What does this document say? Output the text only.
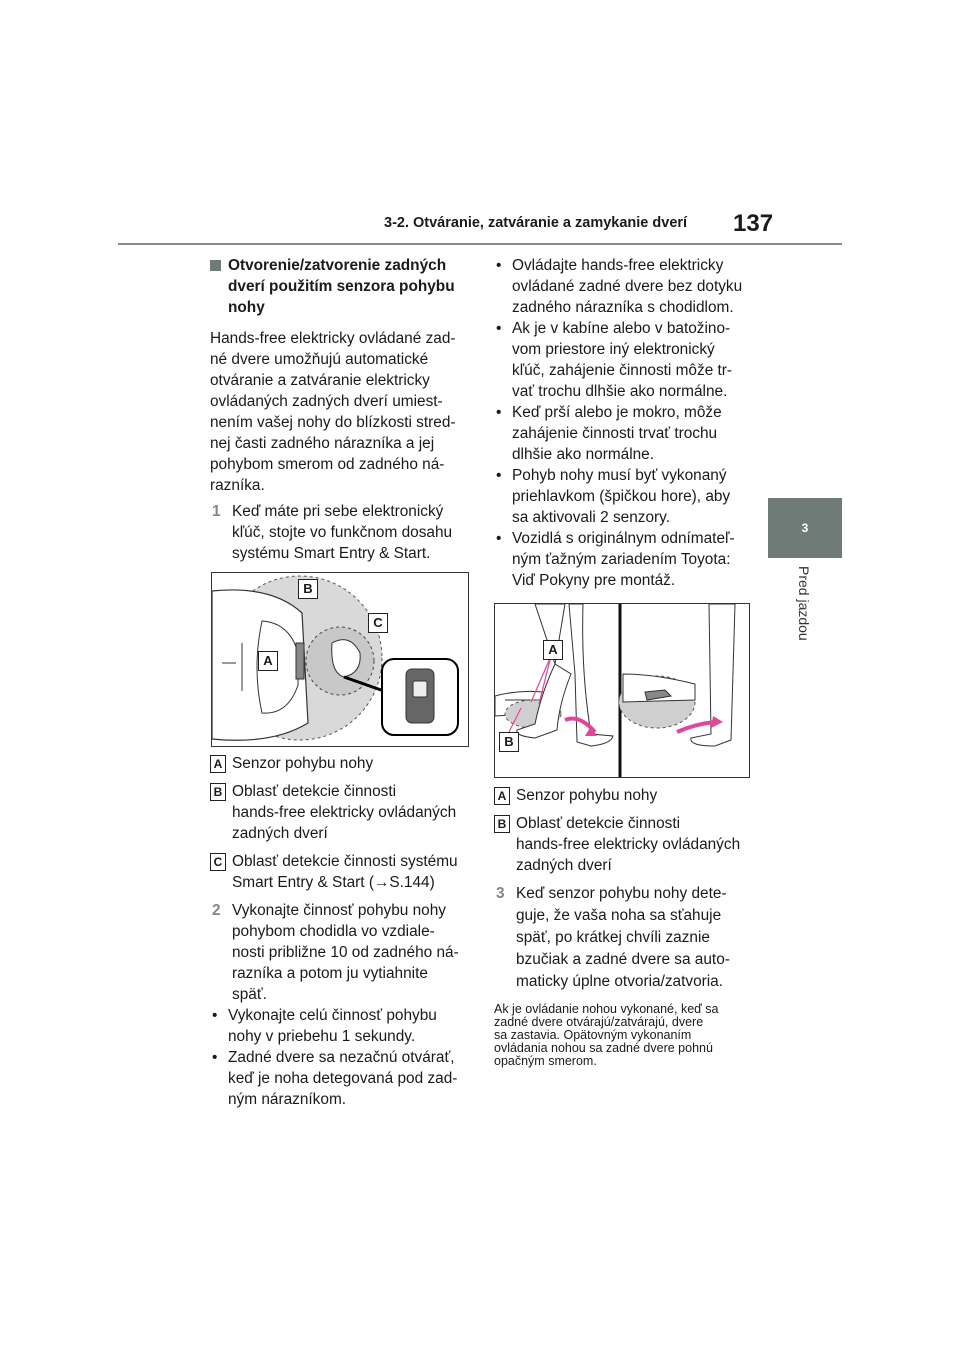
3-2. Otváranie, zatváranie a zamykanie dverí 137
3
Pred jazdou

Otvorenie/zatvorenie zadných

dverí použitím senzora pohybu

nohy

Hands-free elektricky ovládané zad-

né dvere umožňujú automatické

otváranie a zatváranie elektricky

ovládaných zadných dverí umiest-

nením vašej nohy do blízkosti stred-

nej časti zadného nárazníka a jej

pohybom smerom od zadného ná-

razníka.

1 Keď máte pri sebe elektronický

kľúč, stojte vo funkčnom dosahu

systému Smart Entry & Start.

B
C
A
A Senzor pohybu nohy

B Oblasť detekcie činnosti

hands-free elektricky ovládaných

zadných dverí

C Oblasť detekcie činnosti systému

Smart Entry & Start (→S.144)

2 Vykonajte činnosť pohybu nohy

pohybom chodidla vo vzdiale-

nosti približne 10 od zadného ná-

razníka a potom ju vytiahnite

späť.

• Vykonajte celú činnosť pohybu

nohy v priebehu 1 sekundy.

• Zadné dvere sa nezačnú otvárať,

keď je noha detegovaná pod zad-

ným nárazníkom.

• Ovládajte hands-free elektricky

ovládané zadné dvere bez dotyku

zadného nárazníka s chodidlom.

• Ak je v kabíne alebo v batožino-

vom priestore iný elektronický

kľúč, zahájenie činnosti môže tr-

vať trochu dlhšie ako normálne.

• Keď prší alebo je mokro, môže

zahájenie činnosti trvať trochu

dlhšie ako normálne.

• Pohyb nohy musí byť vykonaný

priehlavkom (špičkou hore), aby

sa aktivovali 2 senzory.

• Vozidlá s originálnym odnímateľ-

ným ťažným zariadením Toyota:

Viď Pokyny pre montáž.

A
B
A Senzor pohybu nohy

B Oblasť detekcie činnosti

hands-free elektricky ovládaných

zadných dverí

3 Keď senzor pohybu nohy dete-

guje, že vaša noha sa sťahuje

späť, po krátkej chvíli zaznie

bzučiak a zadné dvere sa auto-

maticky úplne otvoria/zatvoria.

Ak je ovládanie nohou vykonané, keď sa

zadné dvere otvárajú/zatvárajú, dvere

sa zastavia. Opätovným vykonaním

ovládania nohou sa zadné dvere pohnú

opačným smerom.
